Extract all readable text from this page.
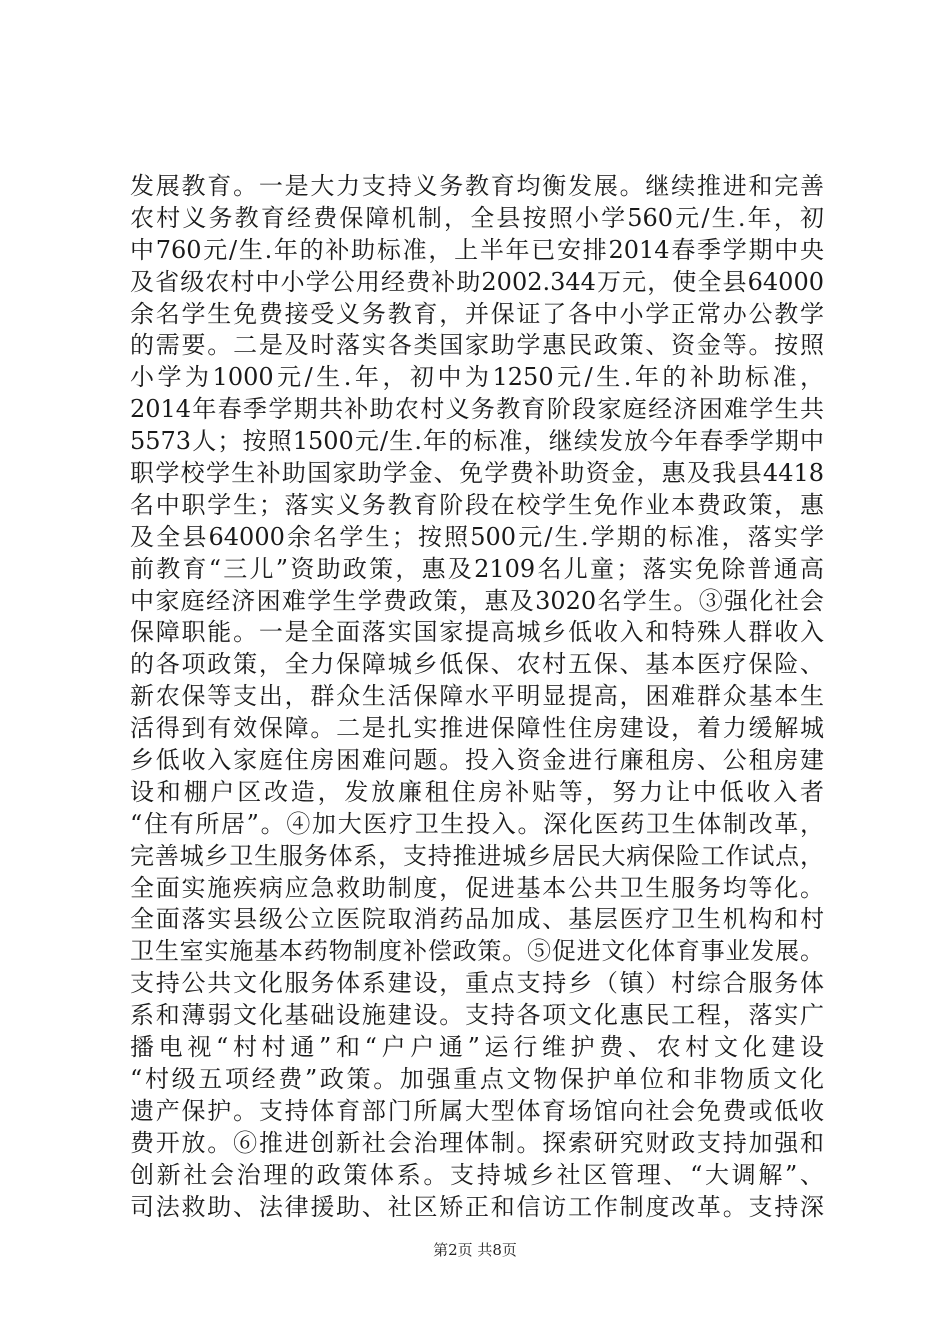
发展教育。一是大力支持义务教育均衡发展。继续推进和完善
农村义务教育经费保障机制，全县按照小学560元/生.年，初
中760元/生.年的补助标准，上半年已安排2014春季学期中央
及省级农村中小学公用经费补助2002.344万元，使全县64000
余名学生免费接受义务教育，并保证了各中小学正常办公教学
的需要。二是及时落实各类国家助学惠民政策、资金等。按照
小学为1000元/生.年，初中为1250元/生.年的补助标准，
2014年春季学期共补助农村义务教育阶段家庭经济困难学生共
5573人；按照1500元/生.年的标准，继续发放今年春季学期中
职学校学生补助国家助学金、免学费补助资金，惠及我县4418
名中职学生；落实义务教育阶段在校学生免作业本费政策，惠
及全县64000余名学生；按照500元/生.学期的标准，落实学
前教育“三儿”资助政策，惠及2109名儿童；落实免除普通高
中家庭经济困难学生学费政策，惠及3020名学生。③强化社会
保障职能。一是全面落实国家提高城乡低收入和特殊人群收入
的各项政策，全力保障城乡低保、农村五保、基本医疗保险、
新农保等支出，群众生活保障水平明显提高，困难群众基本生
活得到有效保障。二是扎实推进保障性住房建设，着力缓解城
乡低收入家庭住房困难问题。投入资金进行廉租房、公租房建
设和棚户区改造，发放廉租住房补贴等，努力让中低收入者
“住有所居”。④加大医疗卫生投入。深化医药卫生体制改革，
完善城乡卫生服务体系，支持推进城乡居民大病保险工作试点，
全面实施疾病应急救助制度，促进基本公共卫生服务均等化。
全面落实县级公立医院取消药品加成、基层医疗卫生机构和村
卫生室实施基本药物制度补偿政策。⑤促进文化体育事业发展。
支持公共文化服务体系建设，重点支持乡（镇）村综合服务体
系和薄弱文化基础设施建设。支持各项文化惠民工程，落实广
播电视“村村通”和“户户通”运行维护费、农村文化建设
“村级五项经费”政策。加强重点文物保护单位和非物质文化
遗产保护。支持体育部门所属大型体育场馆向社会免费或低收
费开放。⑥推进创新社会治理体制。探索研究财政支持加强和
创新社会治理的政策体系。支持城乡社区管理、“大调解”、
司法救助、法律援助、社区矫正和信访工作制度改革。支持深
第2页 共8页
